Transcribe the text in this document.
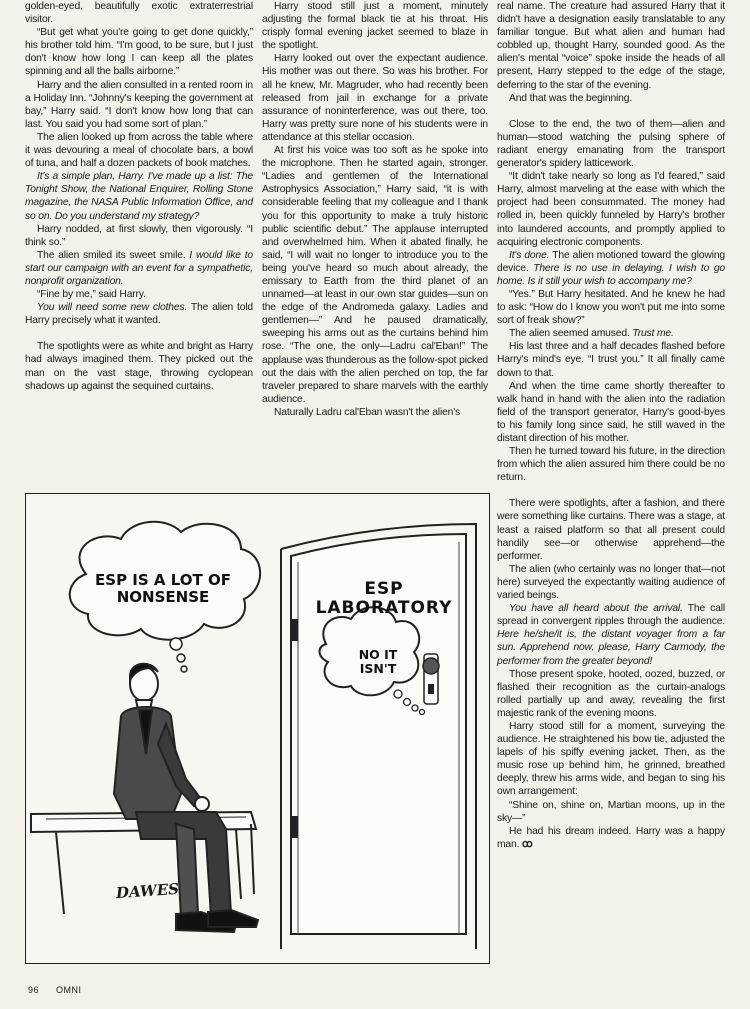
golden-eyed, beautifully exotic extraterrestrial visitor.

“But get what you're going to get done quickly,” his brother told him. “I'm good, to be sure, but I just don't know how long I can keep all the plates spinning and all the balls airborne.”

Harry and the alien consulted in a rented room in a Holiday Inn. “Johnny's keeping the government at bay,” Harry said. “I don't know how long that can last. You said you had some sort of plan.”

The alien looked up from across the table where it was devouring a meal of chocolate bars, a bowl of tuna, and half a dozen packets of book matches.

It's a simple plan, Harry. I've made up a list: The Tonight Show, the National Enquirer, Rolling Stone magazine, the NASA Public Information Office, and so on. Do you understand my strategy?

Harry nodded, at first slowly, then vigorously. “I think so.”

The alien smiled its sweet smile. I would like to start our campaign with an event for a sympathetic, nonprofit organization.

“Fine by me,” said Harry.

You will need some new clothes. The alien told Harry precisely what it wanted.

The spotlights were as white and bright as Harry had always imagined them. They picked out the man on the vast stage, throwing cyclopean shadows up against the sequined curtains.

Harry stood still just a moment, minutely adjusting the formal black tie at his throat. His crisply formal evening jacket seemed to blaze in the spotlight.

Harry looked out over the expectant audience. His mother was out there. So was his brother. For all he knew, Mr. Magruder, who had recently been released from jail in exchange for a private assurance of noninterference, was out there, too. Harry was pretty sure none of his students were in attendance at this stellar occasion.

At first his voice was too soft as he spoke into the microphone. Then he started again, stronger. “Ladies and gentlemen of the International Astrophysics Association,” Harry said, “it is with considerable feeling that my colleague and I thank you for this opportunity to make a truly historic public scientific debut.” The applause interrupted and overwhelmed him. When it abated finally, he said, “I will wait no longer to introduce you to the being you've heard so much about already, the emissary to Earth from the third planet of an unnamed—at least in our own star guides—sun on the edge of the Andromeda galaxy. Ladies and gentlemen—” And he paused dramatically, sweeping his arms out as the curtains behind him rose. “The one, the only—Ladru cal'Eban!” The applause was thunderous as the follow-spot picked out the dais with the alien perched on top, the far traveler prepared to share marvels with the earthly audience.

Naturally Ladru cal'Eban wasn't the alien's

real name. The creature had assured Harry that it didn't have a designation easily translatable to any familiar tongue. But what alien and human had cobbled up, thought Harry, sounded good. As the alien's mental “voice” spoke inside the heads of all present, Harry stepped to the edge of the stage, deferring to the star of the evening.

And that was the beginning.

Close to the end, the two of them—alien and human—stood watching the pulsing sphere of radiant energy emanating from the transport generator's spidery latticework.

“It didn't take nearly so long as I'd feared,” said Harry, almost marveling at the ease with which the project had been consummated. The money had rolled in, been quickly funneled by Harry's brother into laundered accounts, and promptly applied to acquiring electronic components.

It's done. The alien motioned toward the glowing device. There is no use in delaying. I wish to go home. Is it still your wish to accompany me?

“Yes.” But Harry hesitated. And he knew he had to ask: “How do I know you won't put me into some sort of freak show?”

The alien seemed amused. Trust me.

His last three and a half decades flashed before Harry's mind's eye. “I trust you.” It all finally came down to that.

And when the time came shortly thereafter to walk hand in hand with the alien into the radiation field of the transport generator, Harry's good-byes to his family long since said, he still waved in the distant direction of his mother.

Then he turned toward his future, in the direction from which the alien assured him there could be no return.

There were spotlights, after a fashion, and there were something like curtains. There was a stage, at least a raised platform so that all present could handily see—or otherwise apprehend—the performer.

The alien (who certainly was no longer that—not here) surveyed the expectantly waiting audience of varied beings.

You have all heard about the arrival. The call spread in convergent ripples through the audience. Here he/she/it is, the distant voyager from a far sun. Apprehend now, please, Harry Carmody, the performer from the greater beyond!

Those present spoke, hooted, oozed, buzzed, or flashed their recognition as the curtain-analogs rolled partially up and away, revealing the first majestic rank of the evening moons.

Harry stood still for a moment, surveying the audience. He straightened his bow tie, adjusted the lapels of his spiffy evening jacket. Then, as the music rose up behind him, he grinned, breathed deeply, threw his arms wide, and began to sing his own arrangement:

“Shine on, shine on, Martian moons, up in the sky—”

He had his dream indeed. Harry was a happy man. ꝏ

ESP IS A LOT OF NONSENSE	ESP LABORATORY
NO IT ISN'T
DAWES
96 OMNI
